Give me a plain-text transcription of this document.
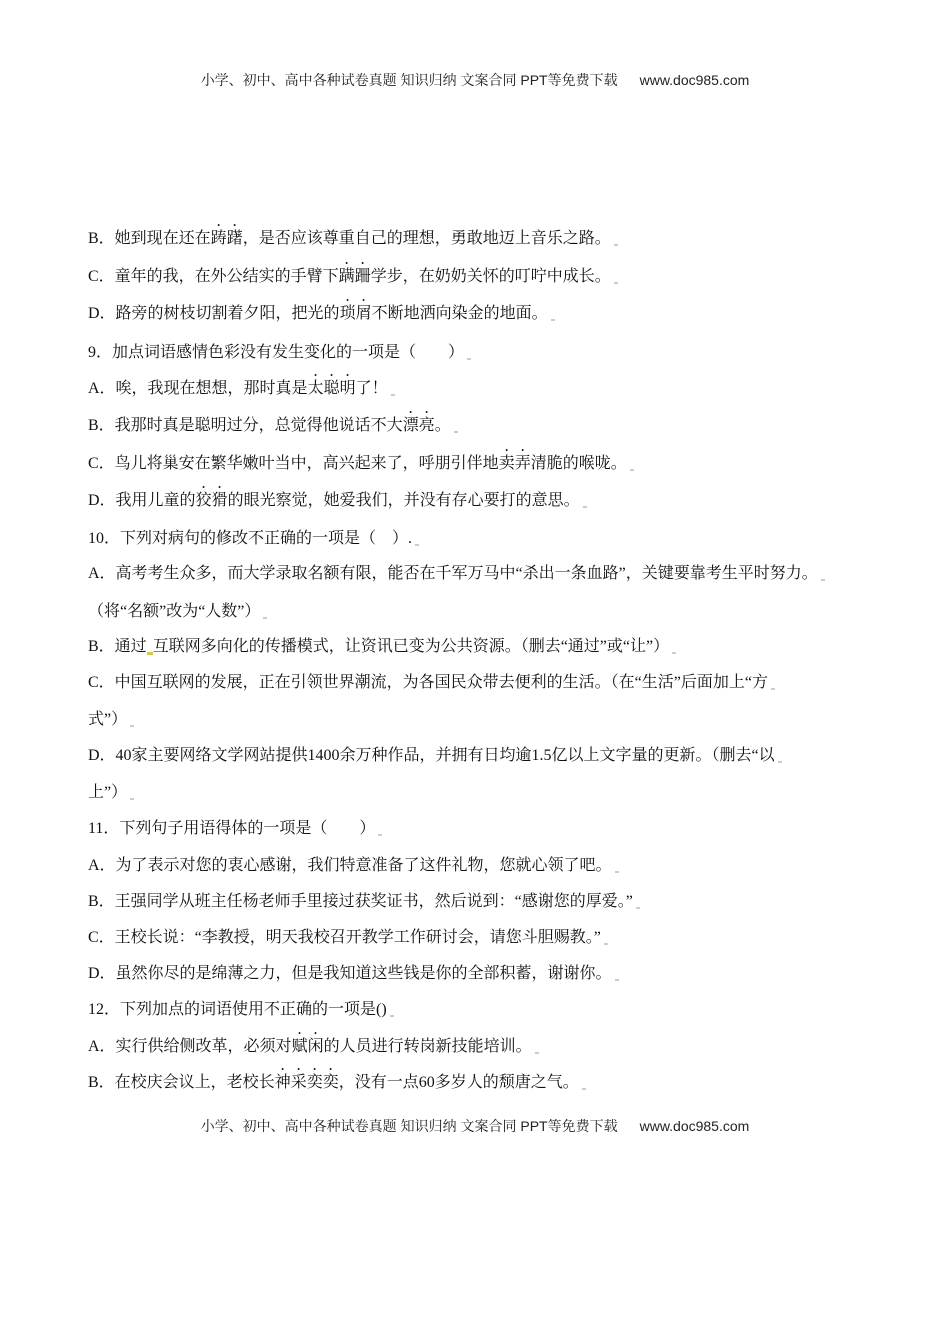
小学、初中、高中各种试卷真题 知识归纳 文案合同 PPT等免费下载 www.doc985.com
B．她到现在还在踌躇，是否应该尊重自己的理想，勇敢地迈上音乐之路。
C．童年的我，在外公结实的手臂下蹒跚学步，在奶奶关怀的叮咛中成长。
D．路旁的树枝切割着夕阳，把光的琐屑不断地洒向染金的地面。
9．加点词语感情色彩没有发生变化的一项是（　　）
A．唉，我现在想想，那时真是太聪明了！
B．我那时真是聪明过分，总觉得他说话不大漂亮。
C．鸟儿将巢安在繁华嫩叶当中，高兴起来了，呼朋引伴地卖弄清脆的喉咙。
D．我用儿童的狡猾的眼光察觉，她爱我们，并没有存心要打的意思。
10．下列对病句的修改不正确的一项是（　）.
A．高考考生众多，而大学录取名额有限，能否在千军万马中“杀出一条血路”，关键要靠考生平时努力。
（将“名额”改为“人数”）
B．通过 互联网多向化的传播模式，让资讯已变为公共资源。（删去“通过”或“让”）
C．中国互联网的发展，正在引领世界潮流，为各国民众带去便利的生活。（在“生活”后面加上“方
式”）
D．40家主要网络文学网站提供1400余万种作品，并拥有日均逾1.5亿以上文字量的更新。（删去“以
上”）
11．下列句子用语得体的一项是（　　）
A．为了表示对您的衷心感谢，我们特意准备了这件礼物，您就心领了吧。
B．王强同学从班主任杨老师手里接过获奖证书，然后说到：“感谢您的厚爱。”
C．王校长说：“李教授，明天我校召开教学工作研讨会，请您斗胆赐教。”
D．虽然你尽的是绵薄之力，但是我知道这些钱是你的全部积蓄，谢谢你。
12．下列加点的词语使用不正确的一项是()
A．实行供给侧改革，必须对赋闲的人员进行转岗新技能培训。
B．在校庆会议上，老校长神采奕奕，没有一点60多岁人的颓唐之气。
小学、初中、高中各种试卷真题 知识归纳 文案合同 PPT等免费下载 www.doc985.com
